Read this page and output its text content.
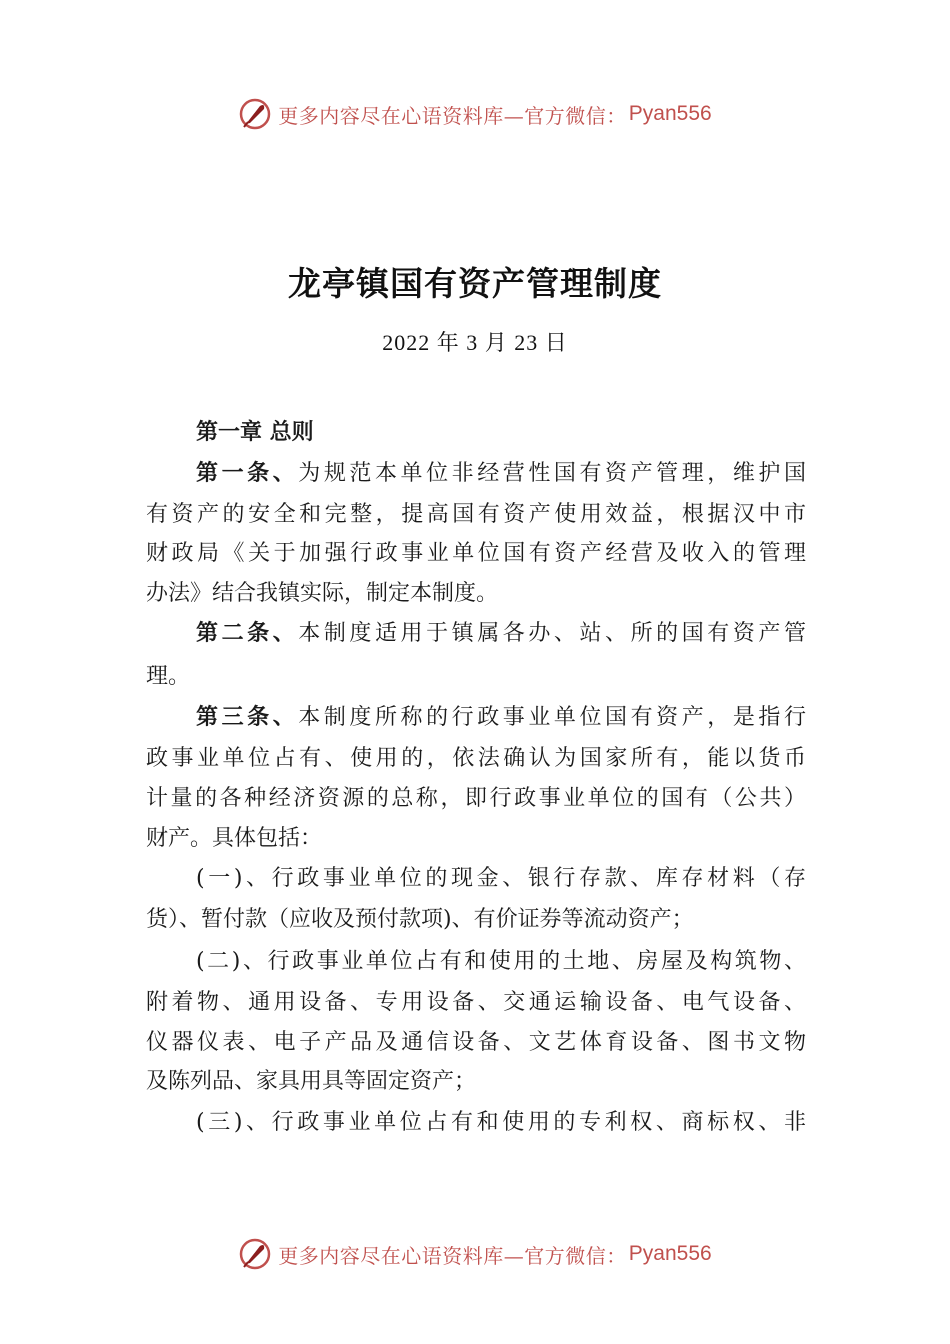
更多内容尽在心语资料库—官方微信： Pyan556
龙亭镇国有资产管理制度
2022 年 3 月 23 日
第一章 总则
第一条、为规范本单位非经营性国有资产管理，维护国
有资产的安全和完整，提高国有资产使用效益，根据汉中市
财政局《关于加强行政事业单位国有资产经营及收入的管理
办法》结合我镇实际，制定本制度。
第二条、本制度适用于镇属各办、站、所的国有资产管
理。
第三条、本制度所称的行政事业单位国有资产，是指行
政事业单位占有、使用的，依法确认为国家所有，能以货币
计量的各种经济资源的总称，即行政事业单位的国有（公共）
财产。具体包括：
(一)、行政事业单位的现金、银行存款、库存材料（存
货）、暂付款（应收及预付款项)、有价证券等流动资产；
(二)、行政事业单位占有和使用的土地、房屋及构筑物、
附着物、通用设备、专用设备、交通运输设备、电气设备、
仪器仪表、电子产品及通信设备、文艺体育设备、图书文物
及陈列品、家具用具等固定资产；
(三)、行政事业单位占有和使用的专利权、商标权、非
更多内容尽在心语资料库—官方微信： Pyan556
